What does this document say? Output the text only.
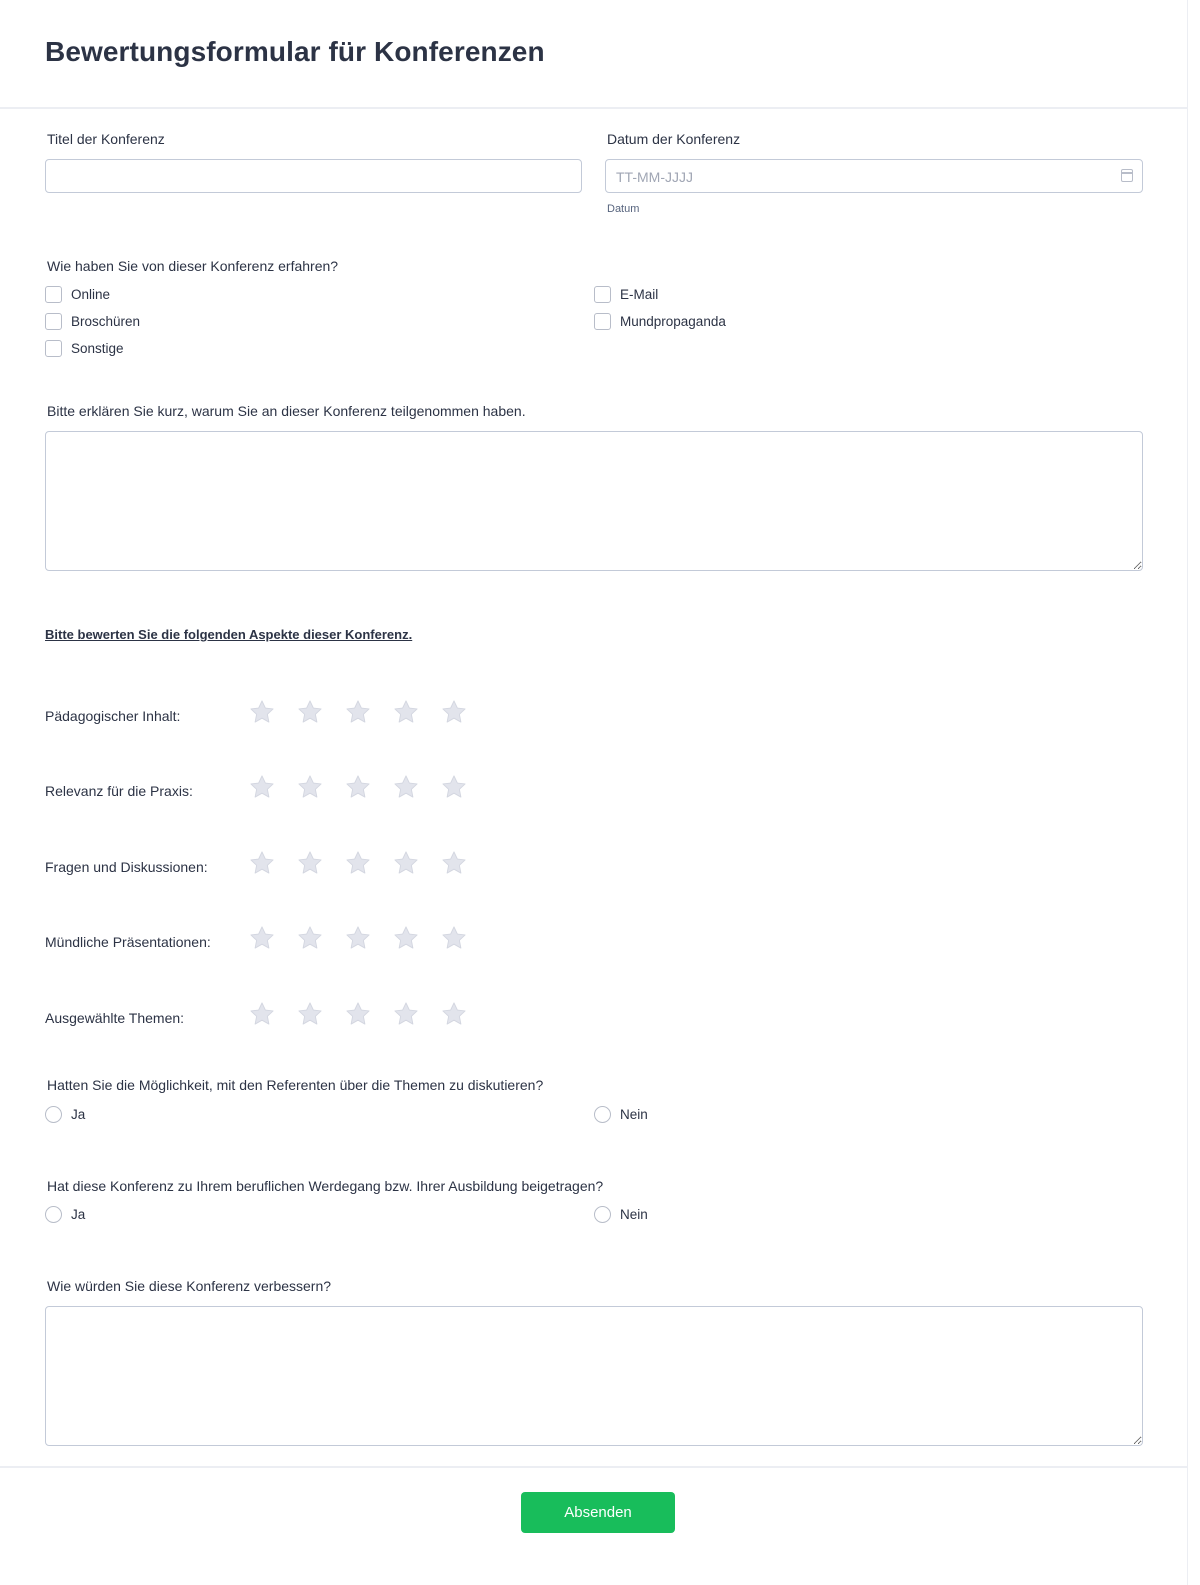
Bewertungsformular für Konferenzen
Titel der Konferenz	Datum der Konferenz
TT-MM-JJJJ
Datum
Wie haben Sie von dieser Konferenz erfahren?
Online	E-Mail
Broschüren	Mundpropaganda
Sonstige
Bitte erklären Sie kurz, warum Sie an dieser Konferenz teilgenommen haben.
Bitte bewerten Sie die folgenden Aspekte dieser Konferenz.
Pädagogischer Inhalt:
Relevanz für die Praxis:
Fragen und Diskussionen:
Mündliche Präsentationen:
Ausgewählte Themen:
Hatten Sie die Möglichkeit, mit den Referenten über die Themen zu diskutieren?
Ja	Nein
Hat diese Konferenz zu Ihrem beruflichen Werdegang bzw. Ihrer Ausbildung beigetragen?
Ja	Nein
Wie würden Sie diese Konferenz verbessern?
Absenden
